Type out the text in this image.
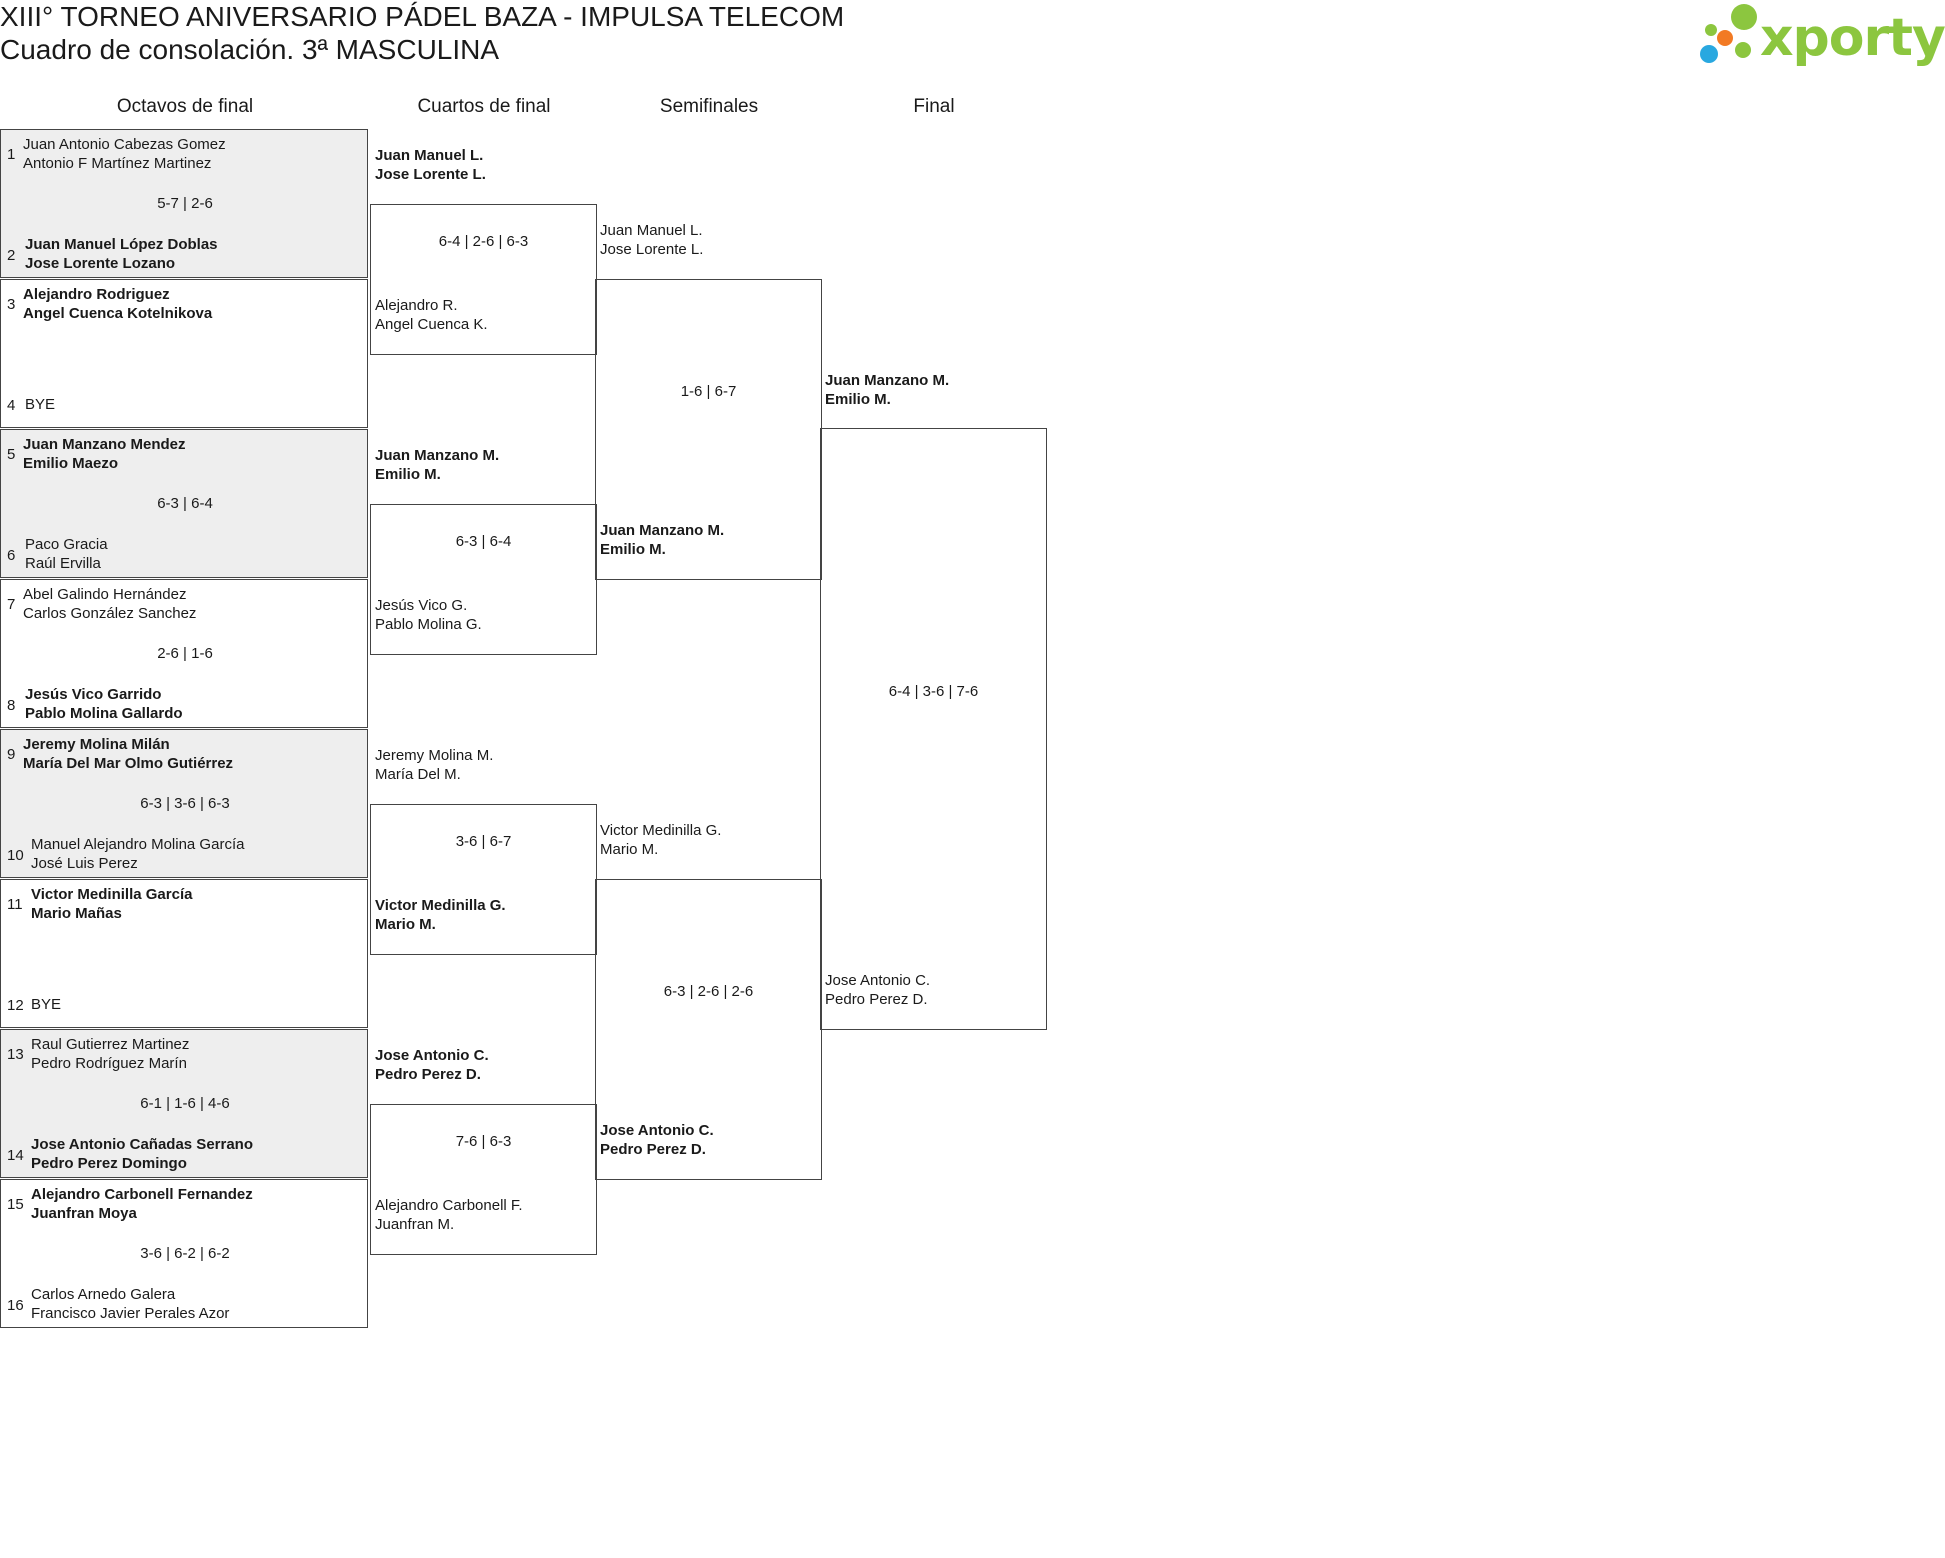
XIII° TORNEO ANIVERSARIO PÁDEL BAZA - IMPULSA TELECOM
Cuadro de consolación. 3ª MASCULINA	xporty
Octavos de final	Cuartos de final	Semifinales	Final
1
Juan Antonio Cabezas Gomez
Antonio F Martínez Martinez
5-7 | 2-6
2
Juan Manuel López Doblas
Jose Lorente Lozano
3
Alejandro Rodriguez
Angel Cuenca Kotelnikova
4 BYE
5
Juan Manzano Mendez
Emilio Maezo
6-3 | 6-4
6
Paco Gracia
Raúl Ervilla
7
Abel Galindo Hernández
Carlos González Sanchez
2-6 | 1-6
8
Jesús Vico Garrido
Pablo Molina Gallardo
9
Jeremy Molina Milán
María Del Mar Olmo Gutiérrez
6-3 | 3-6 | 6-3
10
Manuel Alejandro Molina García
José Luis Perez
11
Victor Medinilla García
Mario Mañas
12 BYE
13
Raul Gutierrez Martinez
Pedro Rodríguez Marín
6-1 | 1-6 | 4-6
14
Jose Antonio Cañadas Serrano
Pedro Perez Domingo
15
Alejandro Carbonell Fernandez
Juanfran Moya
3-6 | 6-2 | 6-2
16
Carlos Arnedo Galera
Francisco Javier Perales Azor
Juan Manuel L.
Jose Lorente L.
Alejandro R.
Angel Cuenca K.
6-4 | 2-6 | 6-3
Juan Manzano M.
Emilio M.
Jesús Vico G.
Pablo Molina G.
6-3 | 6-4
Jeremy Molina M.
María Del M.
Victor Medinilla G.
Mario M.
3-6 | 6-7
Jose Antonio C.
Pedro Perez D.
Alejandro Carbonell F.
Juanfran M.
7-6 | 6-3
Juan Manuel L.
Jose Lorente L.
Juan Manzano M.
Emilio M.
1-6 | 6-7
Victor Medinilla G.
Mario M.
Jose Antonio C.
Pedro Perez D.
6-3 | 2-6 | 2-6
Juan Manzano M.
Emilio M.
Jose Antonio C.
Pedro Perez D.
6-4 | 3-6 | 7-6
